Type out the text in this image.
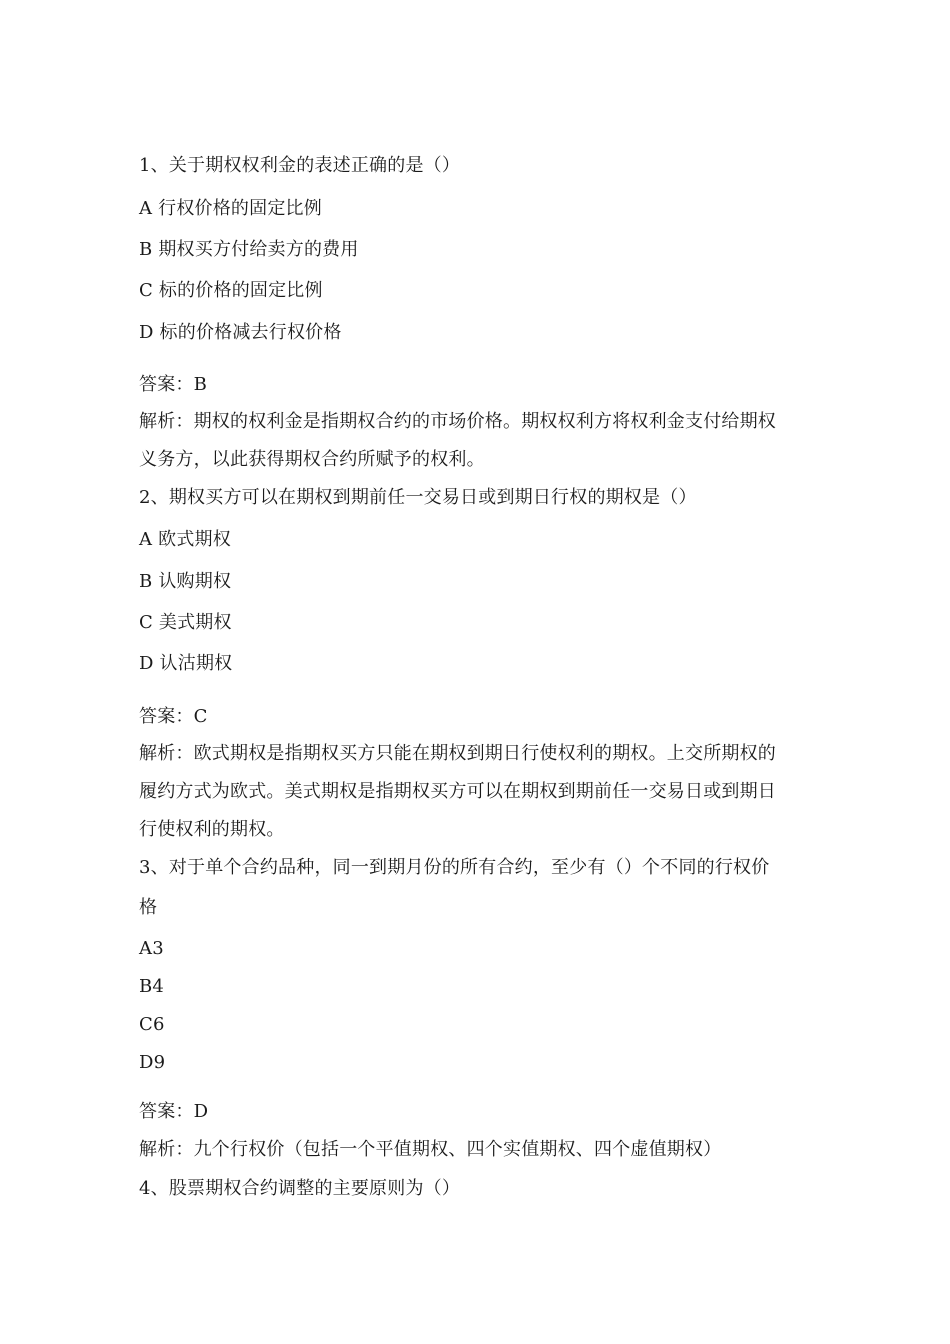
1、关于期权权利金的表述正确的是（）
A 行权价格的固定比例
B 期权买方付给卖方的费用
C 标的价格的固定比例
D 标的价格减去行权价格
答案：B
解析：期权的权利金是指期权合约的市场价格。期权权利方将权利金支付给期权
义务方，以此获得期权合约所赋予的权利。
2、期权买方可以在期权到期前任一交易日或到期日行权的期权是（）
A 欧式期权
B 认购期权
C 美式期权
D 认沽期权
答案：C
解析：欧式期权是指期权买方只能在期权到期日行使权利的期权。上交所期权的
履约方式为欧式。美式期权是指期权买方可以在期权到期前任一交易日或到期日
行使权利的期权。
3、对于单个合约品种，同一到期月份的所有合约，至少有（）个不同的行权价
格
A3
B4
C6
D9
答案：D
解析：九个行权价（包括一个平值期权、四个实值期权、四个虚值期权）
4、股票期权合约调整的主要原则为（）
